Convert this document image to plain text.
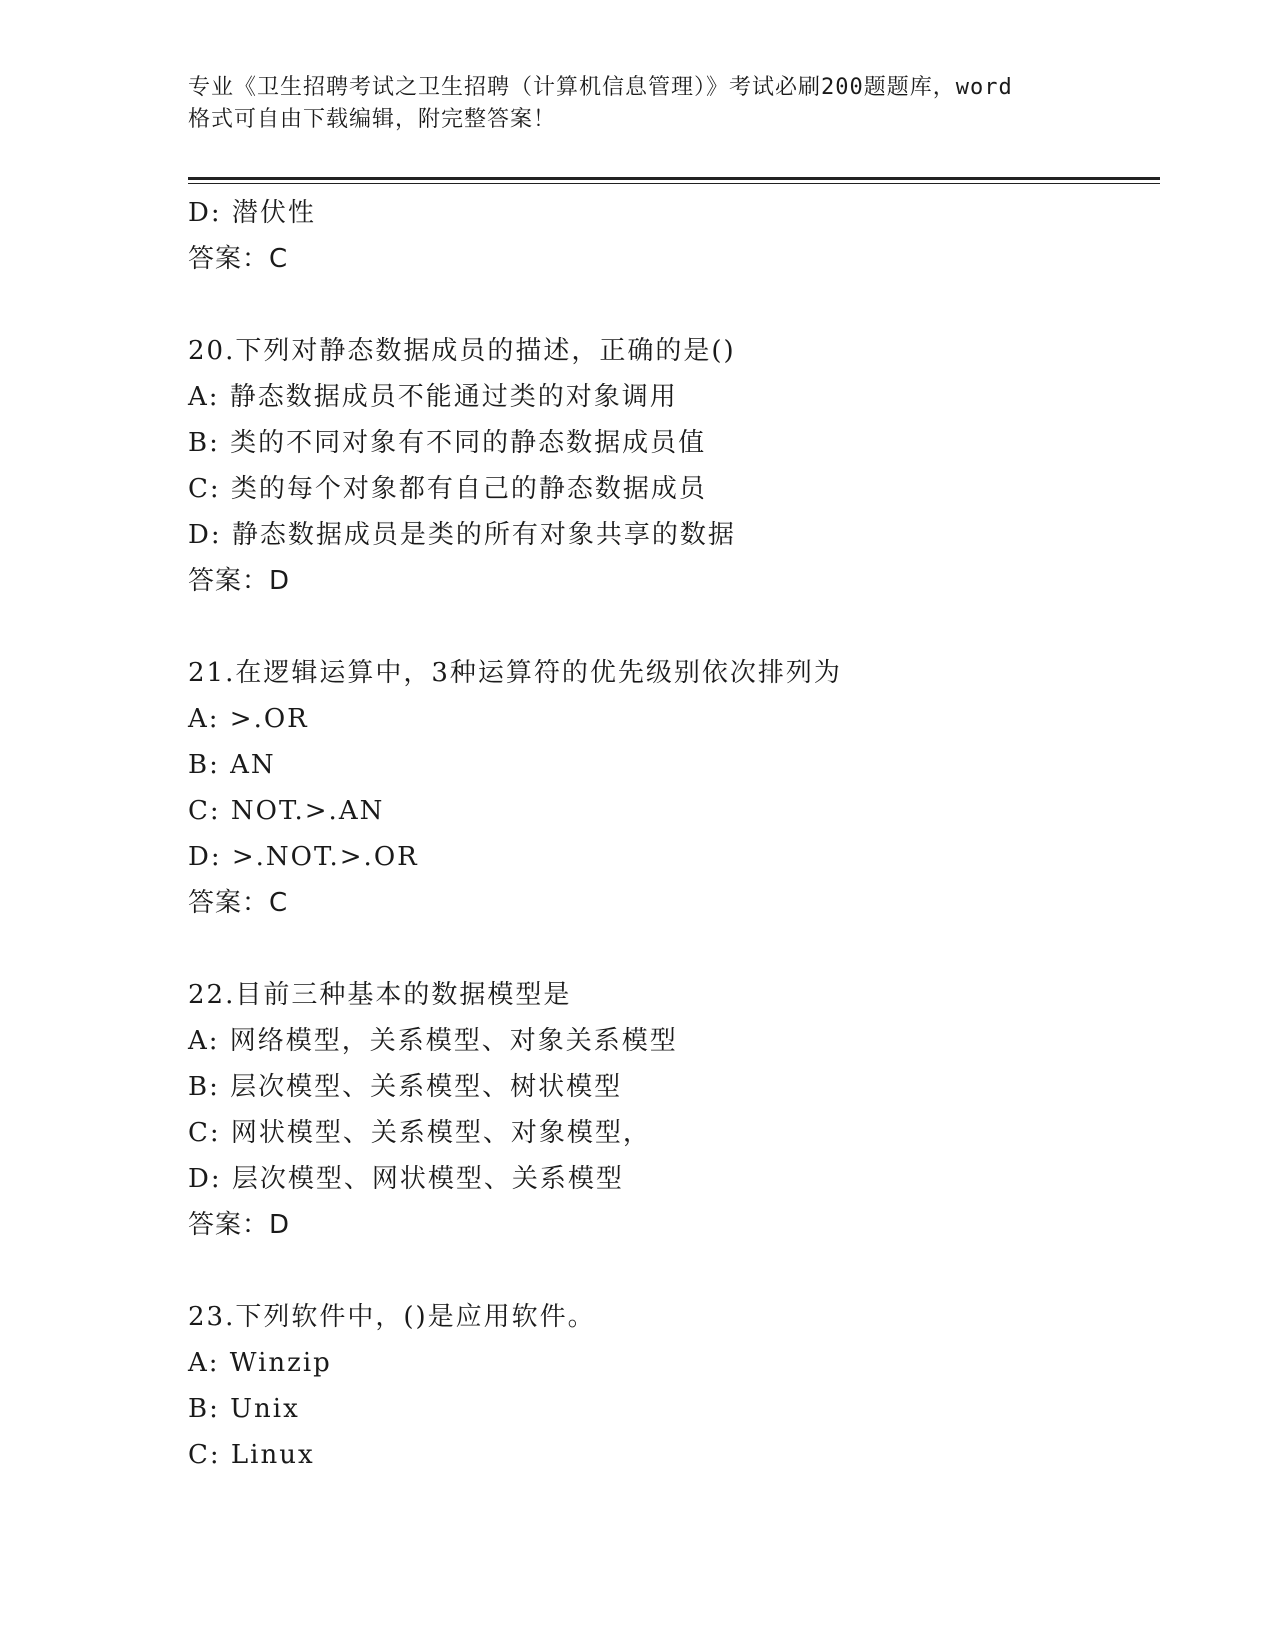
专业《卫生招聘考试之卫生招聘（计算机信息管理）》考试必刷200题题库，word
格式可自由下载编辑，附完整答案！
D: 潜伏性
答案：C
20.下列对静态数据成员的描述，正确的是()
A: 静态数据成员不能通过类的对象调用
B: 类的不同对象有不同的静态数据成员值
C: 类的每个对象都有自己的静态数据成员
D: 静态数据成员是类的所有对象共享的数据
答案：D
21.在逻辑运算中，3种运算符的优先级别依次排列为
A: >.OR
B: AN
C: NOT.>.AN
D: >.NOT.>.OR
答案：C
22.目前三种基本的数据模型是
A: 网络模型，关系模型、对象关系模型
B: 层次模型、关系模型、树状模型
C: 网状模型、关系模型、对象模型，
D: 层次模型、网状模型、关系模型
答案：D
23.下列软件中，()是应用软件。
A: Winzip
B: Unix
C: Linux
